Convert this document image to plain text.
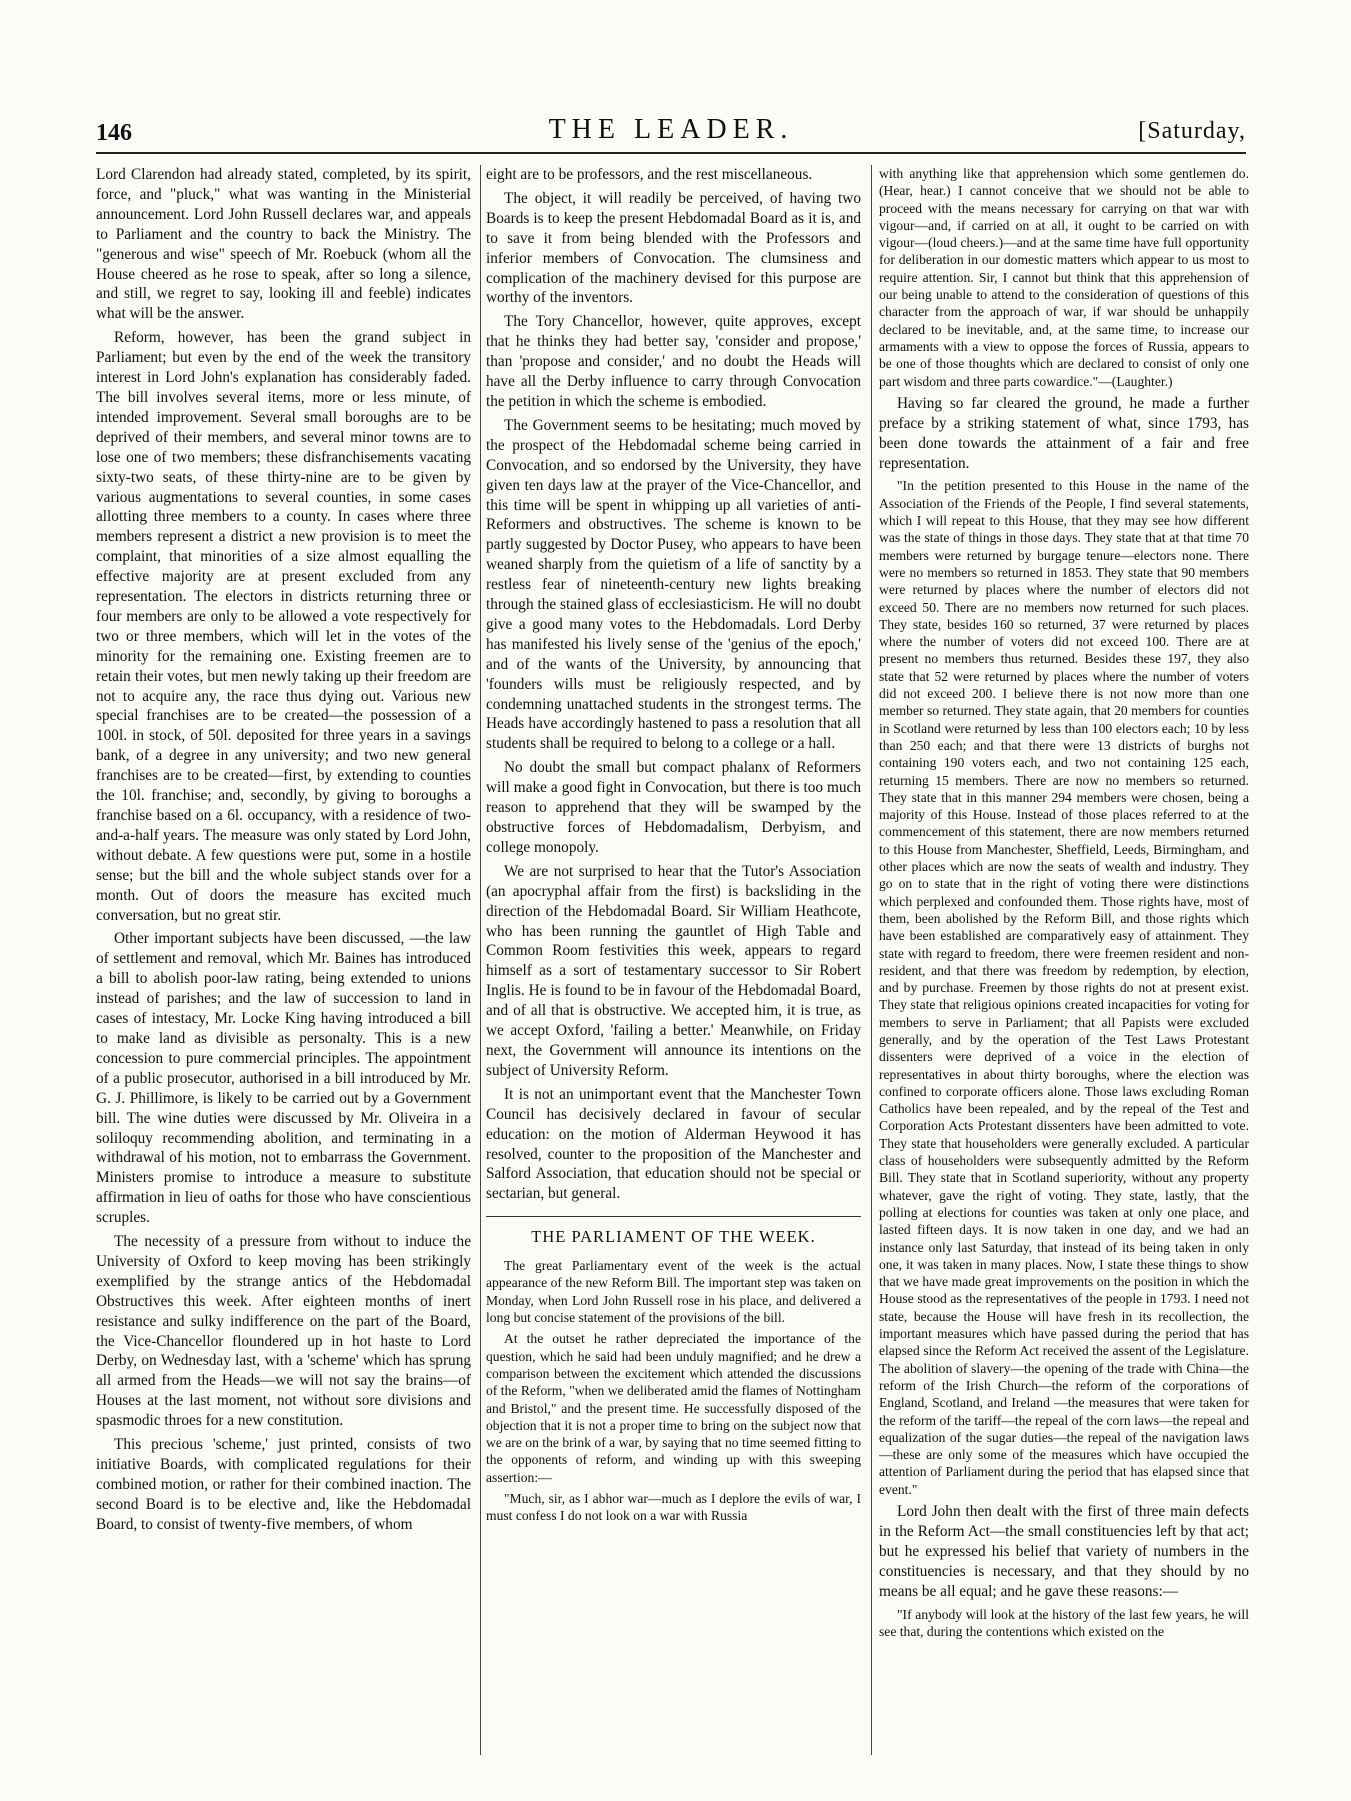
146	THE LEADER.	[Saturday,

Lord Clarendon had already stated, completed, by its spirit, force, and "pluck," what was wanting in the Ministerial announcement. Lord John Russell declares war, and appeals to Parliament and the country to back the Ministry. The "generous and wise" speech of Mr. Roebuck (whom all the House cheered as he rose to speak, after so long a silence, and still, we regret to say, looking ill and feeble) indicates what will be the answer.

Reform, however, has been the grand subject in Parliament; but even by the end of the week the transitory interest in Lord John's explanation has considerably faded. The bill involves several items, more or less minute, of intended improvement. Several small boroughs are to be deprived of their members, and several minor towns are to lose one of two members; these disfranchisements vacating sixty-two seats, of these thirty-nine are to be given by various augmentations to several counties, in some cases allotting three members to a county. In cases where three members represent a district a new provision is to meet the complaint, that minorities of a size almost equalling the effective majority are at present excluded from any representation. The electors in districts returning three or four members are only to be allowed a vote respectively for two or three members, which will let in the votes of the minority for the remaining one. Existing freemen are to retain their votes, but men newly taking up their freedom are not to acquire any, the race thus dying out. Various new special franchises are to be created—the possession of a 100l. in stock, of 50l. deposited for three years in a savings bank, of a degree in any university; and two new general franchises are to be created—first, by extending to counties the 10l. franchise; and, secondly, by giving to boroughs a franchise based on a 6l. occupancy, with a residence of two-and-a-half years. The measure was only stated by Lord John, without debate. A few questions were put, some in a hostile sense; but the bill and the whole subject stands over for a month. Out of doors the measure has excited much conversation, but no great stir.

Other important subjects have been discussed, —the law of settlement and removal, which Mr. Baines has introduced a bill to abolish poor-law rating, being extended to unions instead of parishes; and the law of succession to land in cases of intestacy, Mr. Locke King having introduced a bill to make land as divisible as personalty. This is a new concession to pure commercial principles. The appointment of a public prosecutor, authorised in a bill introduced by Mr. G. J. Phillimore, is likely to be carried out by a Government bill. The wine duties were discussed by Mr. Oliveira in a soliloquy recommending abolition, and terminating in a withdrawal of his motion, not to embarrass the Government. Ministers promise to introduce a measure to substitute affirmation in lieu of oaths for those who have conscientious scruples.

The necessity of a pressure from without to induce the University of Oxford to keep moving has been strikingly exemplified by the strange antics of the Hebdomadal Obstructives this week. After eighteen months of inert resistance and sulky indifference on the part of the Board, the Vice-Chancellor floundered up in hot haste to Lord Derby, on Wednesday last, with a 'scheme' which has sprung all armed from the Heads—we will not say the brains—of Houses at the last moment, not without sore divisions and spasmodic throes for a new constitution.

This precious 'scheme,' just printed, consists of two initiative Boards, with complicated regulations for their combined motion, or rather for their combined inaction. The second Board is to be elective and, like the Hebdomadal Board, to consist of twenty-five members, of whom

eight are to be professors, and the rest miscellaneous.

The object, it will readily be perceived, of having two Boards is to keep the present Hebdomadal Board as it is, and to save it from being blended with the Professors and inferior members of Convocation. The clumsiness and complication of the machinery devised for this purpose are worthy of the inventors.

The Tory Chancellor, however, quite approves, except that he thinks they had better say, 'consider and propose,' than 'propose and consider,' and no doubt the Heads will have all the Derby influence to carry through Convocation the petition in which the scheme is embodied.

The Government seems to be hesitating; much moved by the prospect of the Hebdomadal scheme being carried in Convocation, and so endorsed by the University, they have given ten days law at the prayer of the Vice-Chancellor, and this time will be spent in whipping up all varieties of anti-Reformers and obstructives. The scheme is known to be partly suggested by Doctor Pusey, who appears to have been weaned sharply from the quietism of a life of sanctity by a restless fear of nineteenth-century new lights breaking through the stained glass of ecclesiasticism. He will no doubt give a good many votes to the Hebdomadals. Lord Derby has manifested his lively sense of the 'genius of the epoch,' and of the wants of the University, by announcing that 'founders wills must be religiously respected, and by condemning unattached students in the strongest terms. The Heads have accordingly hastened to pass a resolution that all students shall be required to belong to a college or a hall.

No doubt the small but compact phalanx of Reformers will make a good fight in Convocation, but there is too much reason to apprehend that they will be swamped by the obstructive forces of Hebdomadalism, Derbyism, and college monopoly.

We are not surprised to hear that the Tutor's Association (an apocryphal affair from the first) is backsliding in the direction of the Hebdomadal Board. Sir William Heathcote, who has been running the gauntlet of High Table and Common Room festivities this week, appears to regard himself as a sort of testamentary successor to Sir Robert Inglis. He is found to be in favour of the Hebdomadal Board, and of all that is obstructive. We accepted him, it is true, as we accept Oxford, 'failing a better.' Meanwhile, on Friday next, the Government will announce its intentions on the subject of University Reform.

It is not an unimportant event that the Manchester Town Council has decisively declared in favour of secular education: on the motion of Alderman Heywood it has resolved, counter to the proposition of the Manchester and Salford Association, that education should not be special or sectarian, but general.

THE PARLIAMENT OF THE WEEK.

The great Parliamentary event of the week is the actual appearance of the new Reform Bill. The important step was taken on Monday, when Lord John Russell rose in his place, and delivered a long but concise statement of the provisions of the bill.

At the outset he rather depreciated the importance of the question, which he said had been unduly magnified; and he drew a comparison between the excitement which attended the discussions of the Reform, "when we deliberated amid the flames of Nottingham and Bristol," and the present time. He successfully disposed of the objection that it is not a proper time to bring on the subject now that we are on the brink of a war, by saying that no time seemed fitting to the opponents of reform, and winding up with this sweeping assertion:—

"Much, sir, as I abhor war—much as I deplore the evils of war, I must confess I do not look on a war with Russia

with anything like that apprehension which some gentlemen do. (Hear, hear.) I cannot conceive that we should not be able to proceed with the means necessary for carrying on that war with vigour—and, if carried on at all, it ought to be carried on with vigour—(loud cheers.)—and at the same time have full opportunity for deliberation in our domestic matters which appear to us most to require attention. Sir, I cannot but think that this apprehension of our being unable to attend to the consideration of questions of this character from the approach of war, if war should be unhappily declared to be inevitable, and, at the same time, to increase our armaments with a view to oppose the forces of Russia, appears to be one of those thoughts which are declared to consist of only one part wisdom and three parts cowardice."—(Laughter.)

Having so far cleared the ground, he made a further preface by a striking statement of what, since 1793, has been done towards the attainment of a fair and free representation.

"In the petition presented to this House in the name of the Association of the Friends of the People, I find several statements, which I will repeat to this House, that they may see how different was the state of things in those days. They state that at that time 70 members were returned by burgage tenure—electors none. There were no members so returned in 1853. They state that 90 members were returned by places where the number of electors did not exceed 50. There are no members now returned for such places. They state, besides 160 so returned, 37 were returned by places where the number of voters did not exceed 100. There are at present no members thus returned. Besides these 197, they also state that 52 were returned by places where the number of voters did not exceed 200. I believe there is not now more than one member so returned. They state again, that 20 members for counties in Scotland were returned by less than 100 electors each; 10 by less than 250 each; and that there were 13 districts of burghs not containing 190 voters each, and two not containing 125 each, returning 15 members. There are now no members so returned. They state that in this manner 294 members were chosen, being a majority of this House. Instead of those places referred to at the commencement of this statement, there are now members returned to this House from Manchester, Sheffield, Leeds, Birmingham, and other places which are now the seats of wealth and industry. They go on to state that in the right of voting there were distinctions which perplexed and confounded them. Those rights have, most of them, been abolished by the Reform Bill, and those rights which have been established are comparatively easy of attainment. They state with regard to freedom, there were freemen resident and non-resident, and that there was freedom by redemption, by election, and by purchase. Freemen by those rights do not at present exist. They state that religious opinions created incapacities for voting for members to serve in Parliament; that all Papists were excluded generally, and by the operation of the Test Laws Protestant dissenters were deprived of a voice in the election of representatives in about thirty boroughs, where the election was confined to corporate officers alone. Those laws excluding Roman Catholics have been repealed, and by the repeal of the Test and Corporation Acts Protestant dissenters have been admitted to vote. They state that householders were generally excluded. A particular class of householders were subsequently admitted by the Reform Bill. They state that in Scotland superiority, without any property whatever, gave the right of voting. They state, lastly, that the polling at elections for counties was taken at only one place, and lasted fifteen days. It is now taken in one day, and we had an instance only last Saturday, that instead of its being taken in only one, it was taken in many places. Now, I state these things to show that we have made great improvements on the position in which the House stood as the representatives of the people in 1793. I need not state, because the House will have fresh in its recollection, the important measures which have passed during the period that has elapsed since the Reform Act received the assent of the Legislature. The abolition of slavery—the opening of the trade with China—the reform of the Irish Church—the reform of the corporations of England, Scotland, and Ireland —the measures that were taken for the reform of the tariff—the repeal of the corn laws—the repeal and equalization of the sugar duties—the repeal of the navigation laws—these are only some of the measures which have occupied the attention of Parliament during the period that has elapsed since that event."

Lord John then dealt with the first of three main defects in the Reform Act—the small constituencies left by that act; but he expressed his belief that variety of numbers in the constituencies is necessary, and that they should by no means be all equal; and he gave these reasons:—

"If anybody will look at the history of the last few years, he will see that, during the contentions which existed on the
